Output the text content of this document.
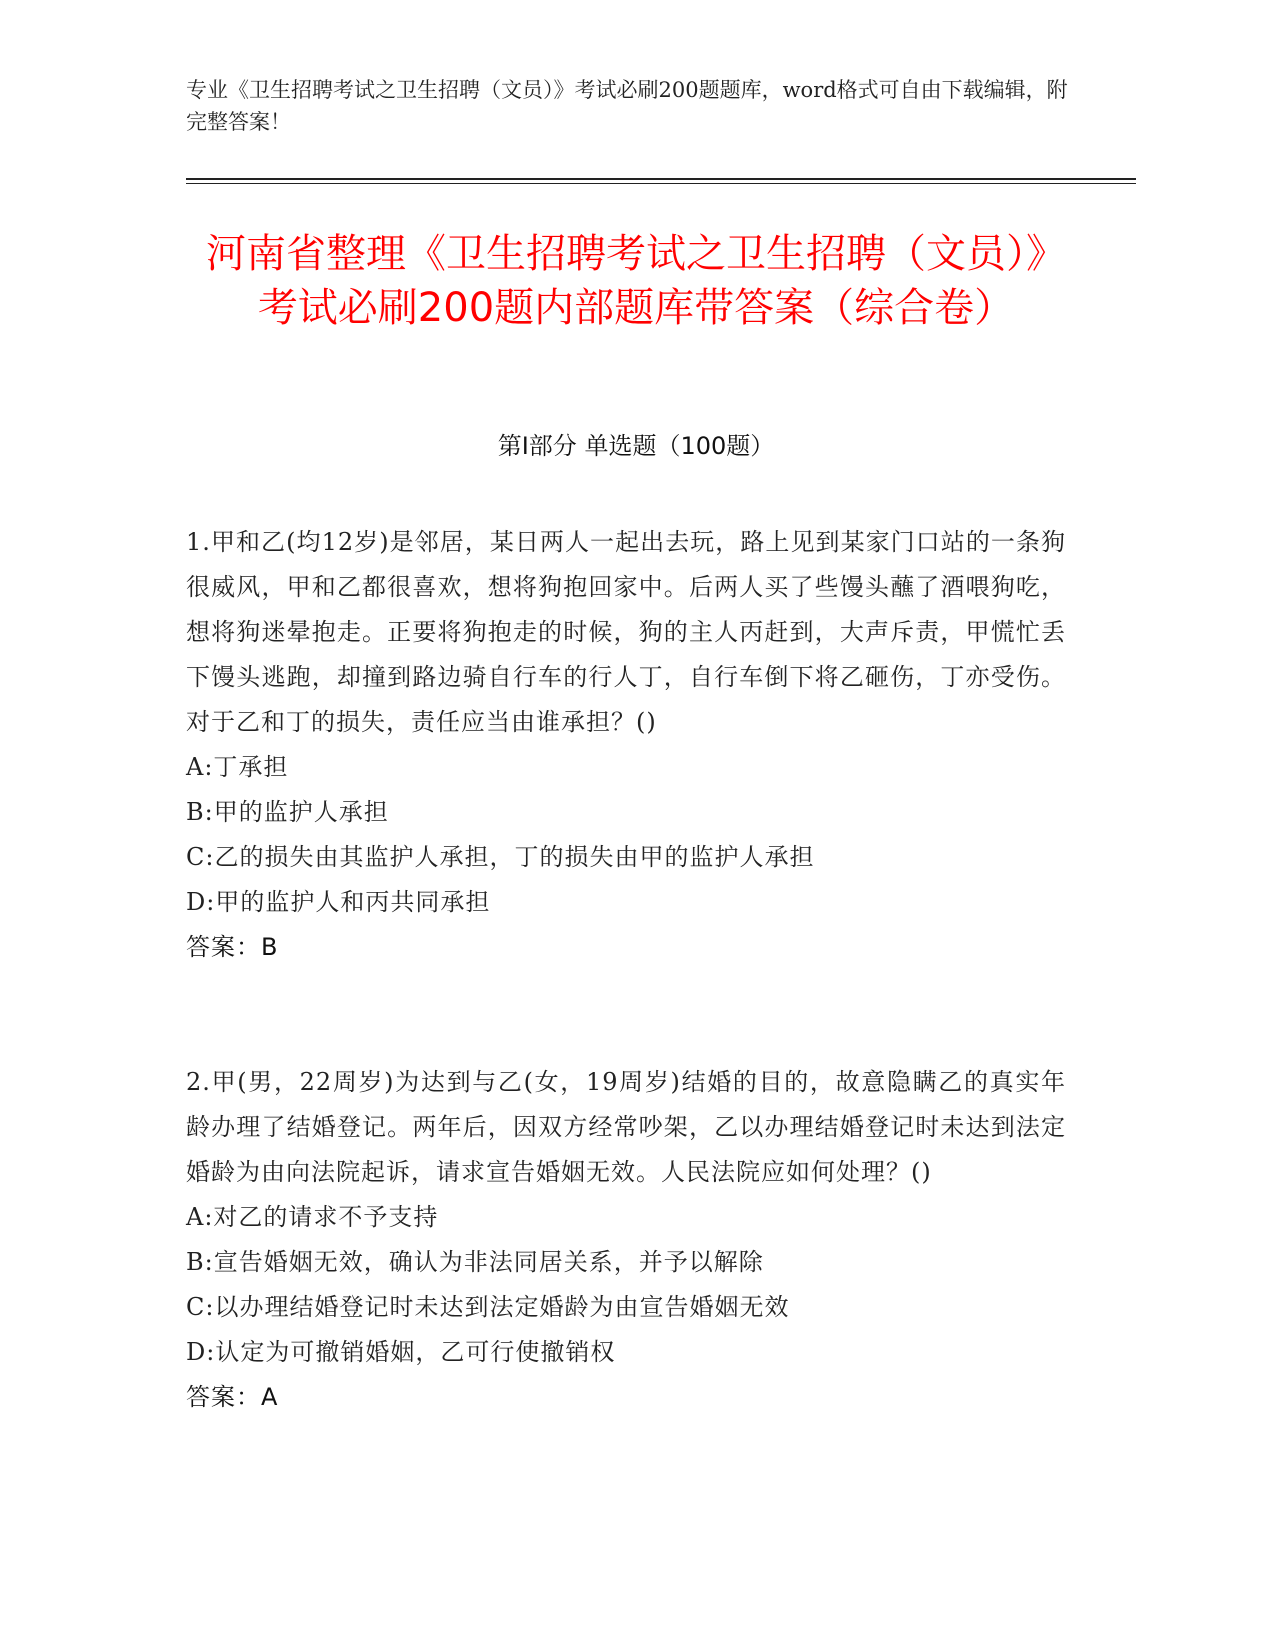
专业《卫生招聘考试之卫生招聘（文员）》考试必刷200题题库，word格式可自由下载编辑，附完整答案！
河南省整理《卫生招聘考试之卫生招聘（文员）》考试必刷200题内部题库带答案（综合卷）
第Ⅰ部分 单选题（100题）
1.甲和乙(均12岁)是邻居，某日两人一起出去玩，路上见到某家门口站的一条狗很威风，甲和乙都很喜欢，想将狗抱回家中。后两人买了些馒头蘸了酒喂狗吃，想将狗迷晕抱走。正要将狗抱走的时候，狗的主人丙赶到，大声斥责，甲慌忙丢下馒头逃跑，却撞到路边骑自行车的行人丁，自行车倒下将乙砸伤，丁亦受伤。对于乙和丁的损失，责任应当由谁承担？()
A:丁承担
B:甲的监护人承担
C:乙的损失由其监护人承担，丁的损失由甲的监护人承担
D:甲的监护人和丙共同承担
答案：B
2.甲(男，22周岁)为达到与乙(女，19周岁)结婚的目的，故意隐瞒乙的真实年龄办理了结婚登记。两年后，因双方经常吵架，乙以办理结婚登记时未达到法定婚龄为由向法院起诉，请求宣告婚姻无效。人民法院应如何处理？()
A:对乙的请求不予支持
B:宣告婚姻无效，确认为非法同居关系，并予以解除
C:以办理结婚登记时未达到法定婚龄为由宣告婚姻无效
D:认定为可撤销婚姻，乙可行使撤销权
答案：A
